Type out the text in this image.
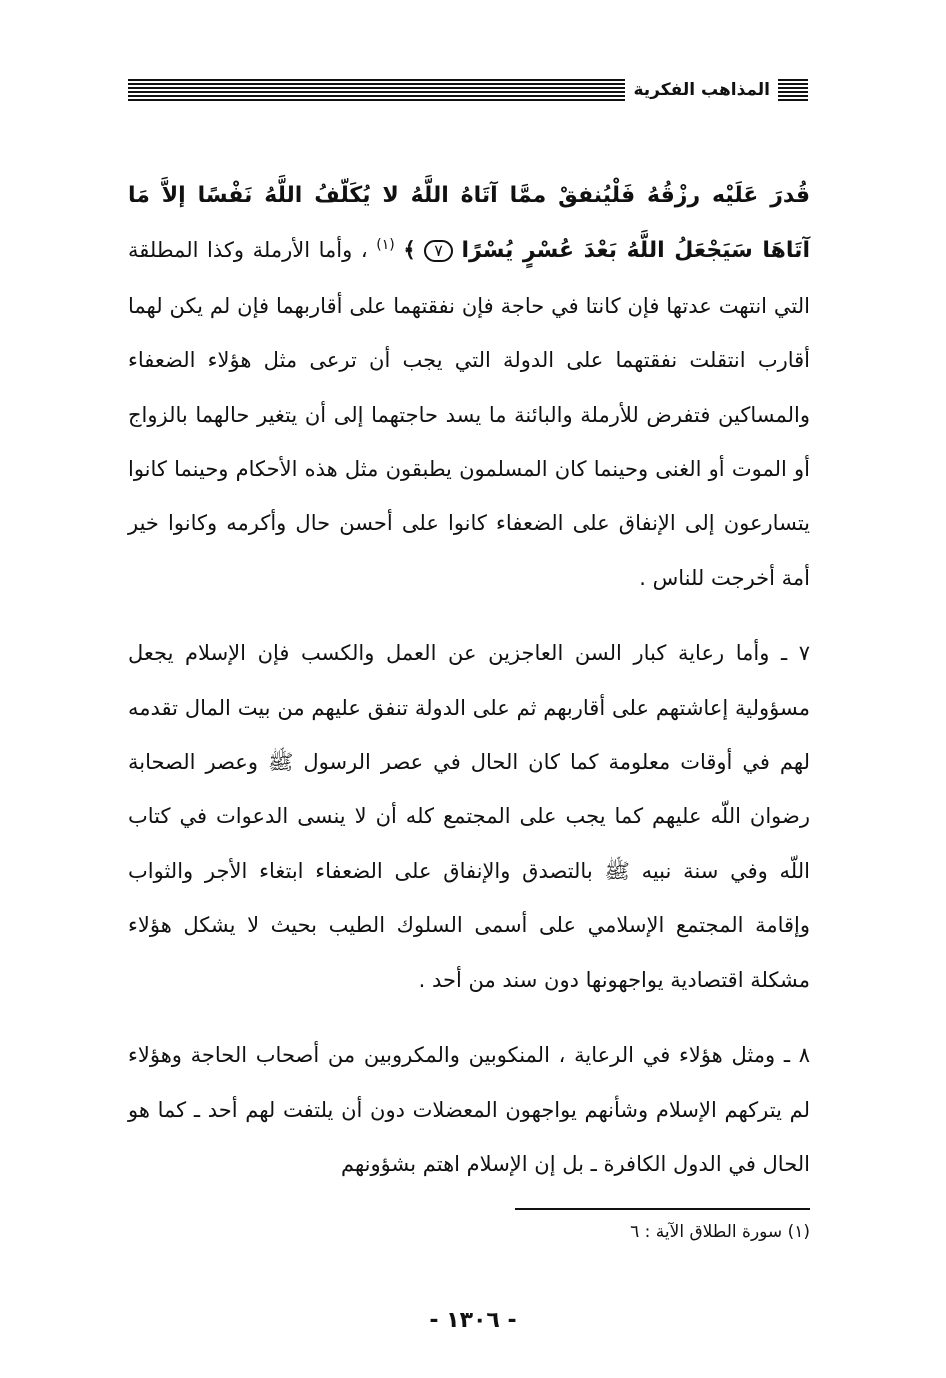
المذاهب الفكرية

قُدرَ عَلَيْه رزْقُهُ فَلْيُنفقْ ممَّا آتَاهُ اللَّهُ لا يُكَلّفُ اللَّهُ نَفْسًا إلاَّ مَا آتَاهَا سَيَجْعَلُ اللَّهُ بَعْدَ عُسْرٍ يُسْرًا ٧ ﴾ $^{(١)}$ ، وأما الأرملة وكذا المطلقة التي انتهت عدتها فإن كانتا في حاجة فإن نفقتهما على أقاربهما فإن لم يكن لهما أقارب انتقلت نفقتهما على الدولة التي يجب أن ترعى مثل هؤلاء الضعفاء والمساكين فتفرض للأرملة والبائنة ما يسد حاجتهما إلى أن يتغير حالهما بالزواج أو الموت أو الغنى وحينما كان المسلمون يطبقون مثل هذه الأحكام وحينما كانوا يتسارعون إلى الإنفاق على الضعفاء كانوا على أحسن حال وأكرمه وكانوا خير أمة أخرجت للناس .

٧ ـ وأما رعاية كبار السن العاجزين عن العمل والكسب فإن الإسلام يجعل مسؤولية إعاشتهم على أقاربهم ثم على الدولة تنفق عليهم من بيت المال تقدمه لهم في أوقات معلومة كما كان الحال في عصر الرسول ﷺ وعصر الصحابة رضوان اللّه عليهم كما يجب على المجتمع كله أن لا ينسى الدعوات في كتاب اللّه وفي سنة نبيه ﷺ بالتصدق والإنفاق على الضعفاء ابتغاء الأجر والثواب وإقامة المجتمع الإسلامي على أسمى السلوك الطيب بحيث لا يشكل هؤلاء مشكلة اقتصادية يواجهونها دون سند من أحد .

٨ ـ ومثل هؤلاء في الرعاية ، المنكوبين والمكروبين من أصحاب الحاجة وهؤلاء لم يتركهم الإسلام وشأنهم يواجهون المعضلات دون أن يلتفت لهم أحد ـ كما هو الحال في الدول الكافرة ـ بل إن الإسلام اهتم بشؤونهم

(١) سورة الطلاق الآية : ٦
- ١٣٠٦ -
